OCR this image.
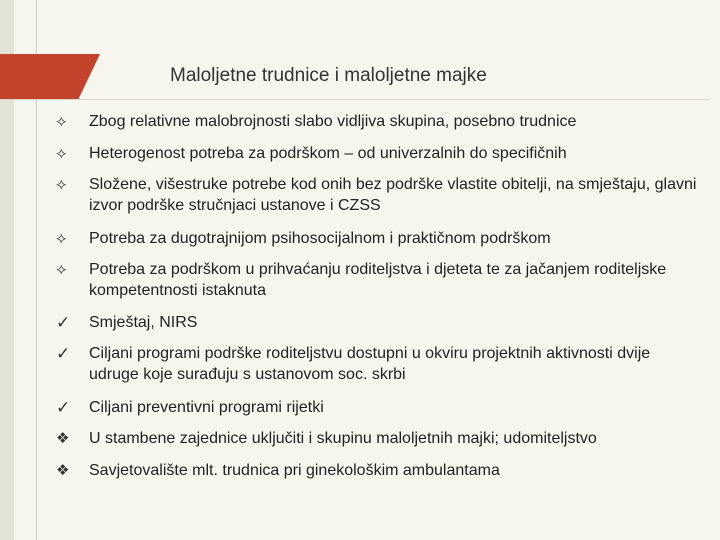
Maloljetne trudnice i maloljetne majke
⟡	Zbog relativne malobrojnosti slabo vidljiva skupina, posebno trudnice
⟡	Heterogenost potreba za podrškom – od univerzalnih do specifičnih
⟡	Složene, višestruke potrebe kod onih bez podrške vlastite obitelji, na smještaju, glavni izvor podrške stručnjaci ustanove i CZSS
⟡	Potreba za dugotrajnijom psihosocijalnom i praktičnom podrškom
⟡	Potreba za podrškom u prihvaćanju roditeljstva i djeteta te za jačanjem roditeljske kompetentnosti istaknuta
✓	Smještaj, NIRS
✓	Ciljani programi podrške roditeljstvu dostupni u okviru projektnih aktivnosti dvije udruge koje surađuju s ustanovom soc. skrbi
✓	Ciljani preventivni programi rijetki
❖	U stambene zajednice uključiti i skupinu maloljetnih majki; udomiteljstvo
❖	Savjetovalište mlt. trudnica pri ginekološkim ambulantama
